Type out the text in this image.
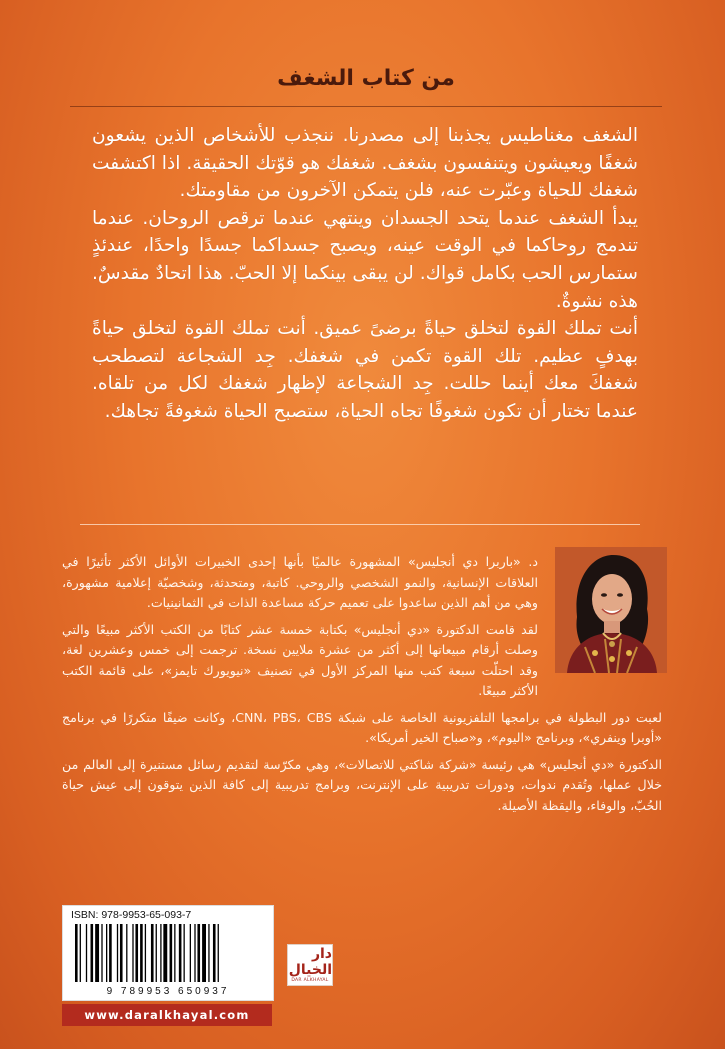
من كتاب الشغف

الشغف مغناطيس يجذبنا إلى مصدرنا. ننجذب للأشخاص الذين يشعون شغفًا ويعيشون ويتنفسون بشغف. شغفك هو قوّتك الحقيقة. اذا اكتشفت شغفك للحياة وعبّرت عنه، فلن يتمكن الآخرون من مقاومتك.

يبدأ الشغف عندما يتحد الجسدان وينتهي عندما ترقص الروحان. عندما تندمج روحاكما في الوقت عينه، ويصبح جسداكما جسدًا واحدًا، عندئذٍ ستمارس الحب بكامل قواك. لن يبقى بينكما إلا الحبّ. هذا اتحادٌ مقدسٌ. هذه نشوةٌ.

أنت تملك القوة لتخلق حياةً برضىً عميق. أنت تملك القوة لتخلق حياةً بهدفٍ عظيم. تلك القوة تكمن في شغفك. جِد الشجاعة لتصطحب شغفكَ معك أينما حللت. جِد الشجاعة لإظهار شغفك لكل من تلقاه. عندما تختار أن تكون شغوفًا تجاه الحياة، ستصبح الحياة شغوفةً تجاهك.

د. «باربرا دي أنجليس» المشهورة عالميًا بأنها إحدى الخبيرات الأوائل الأكثر تأثيرًا في العلاقات الإنسانية، والنمو الشخصي والروحي. كاتبة، ومتحدثة، وشخصيّة إعلامية مشهورة، وهي من أهم الذين ساعدوا على تعميم حركة مساعدة الذات في الثمانينيات.

لقد قامت الدكتورة «دي أنجليس» بكتابة خمسة عشر كتابًا من الكتب الأكثر مبيعًا والتي وصلت أرقام مبيعاتها إلى أكثر من عشرة ملايين نسخة. ترجمت إلى خمس وعشرين لغة، وقد احتلّت سبعة كتب منها المركز الأول في تصنيف «نيويورك تايمز»، على قائمة الكتب الأكثر مبيعًا.

لعبت دور البطولة في برامجها التلفزيونية الخاصة على شبكة CNN، PBS، CBS، وكانت ضيفًا متكررًا في برنامج «أوبرا وينفري»، وبرنامج «اليوم»، و«صباح الخير أمريكا».

الدكتورة «دي أنجليس» هي رئيسة «شركة شاكتي للاتصالات»، وهي مكرّسة لتقديم رسائل مستنيرة إلى العالم من خلال عملها، وتُقدم ندوات، ودورات تدريبية على الإنترنت، وبرامج تدريبية إلى كافة الذين يتوقون إلى عيش حياة الحُبّ، والوفاء، واليقظة الأصيلة.

ISBN: 978-9953-65-093-7
9 789953 650937
www.daralkhayal.com
دار الخيال
DAR ALKHAYAL
